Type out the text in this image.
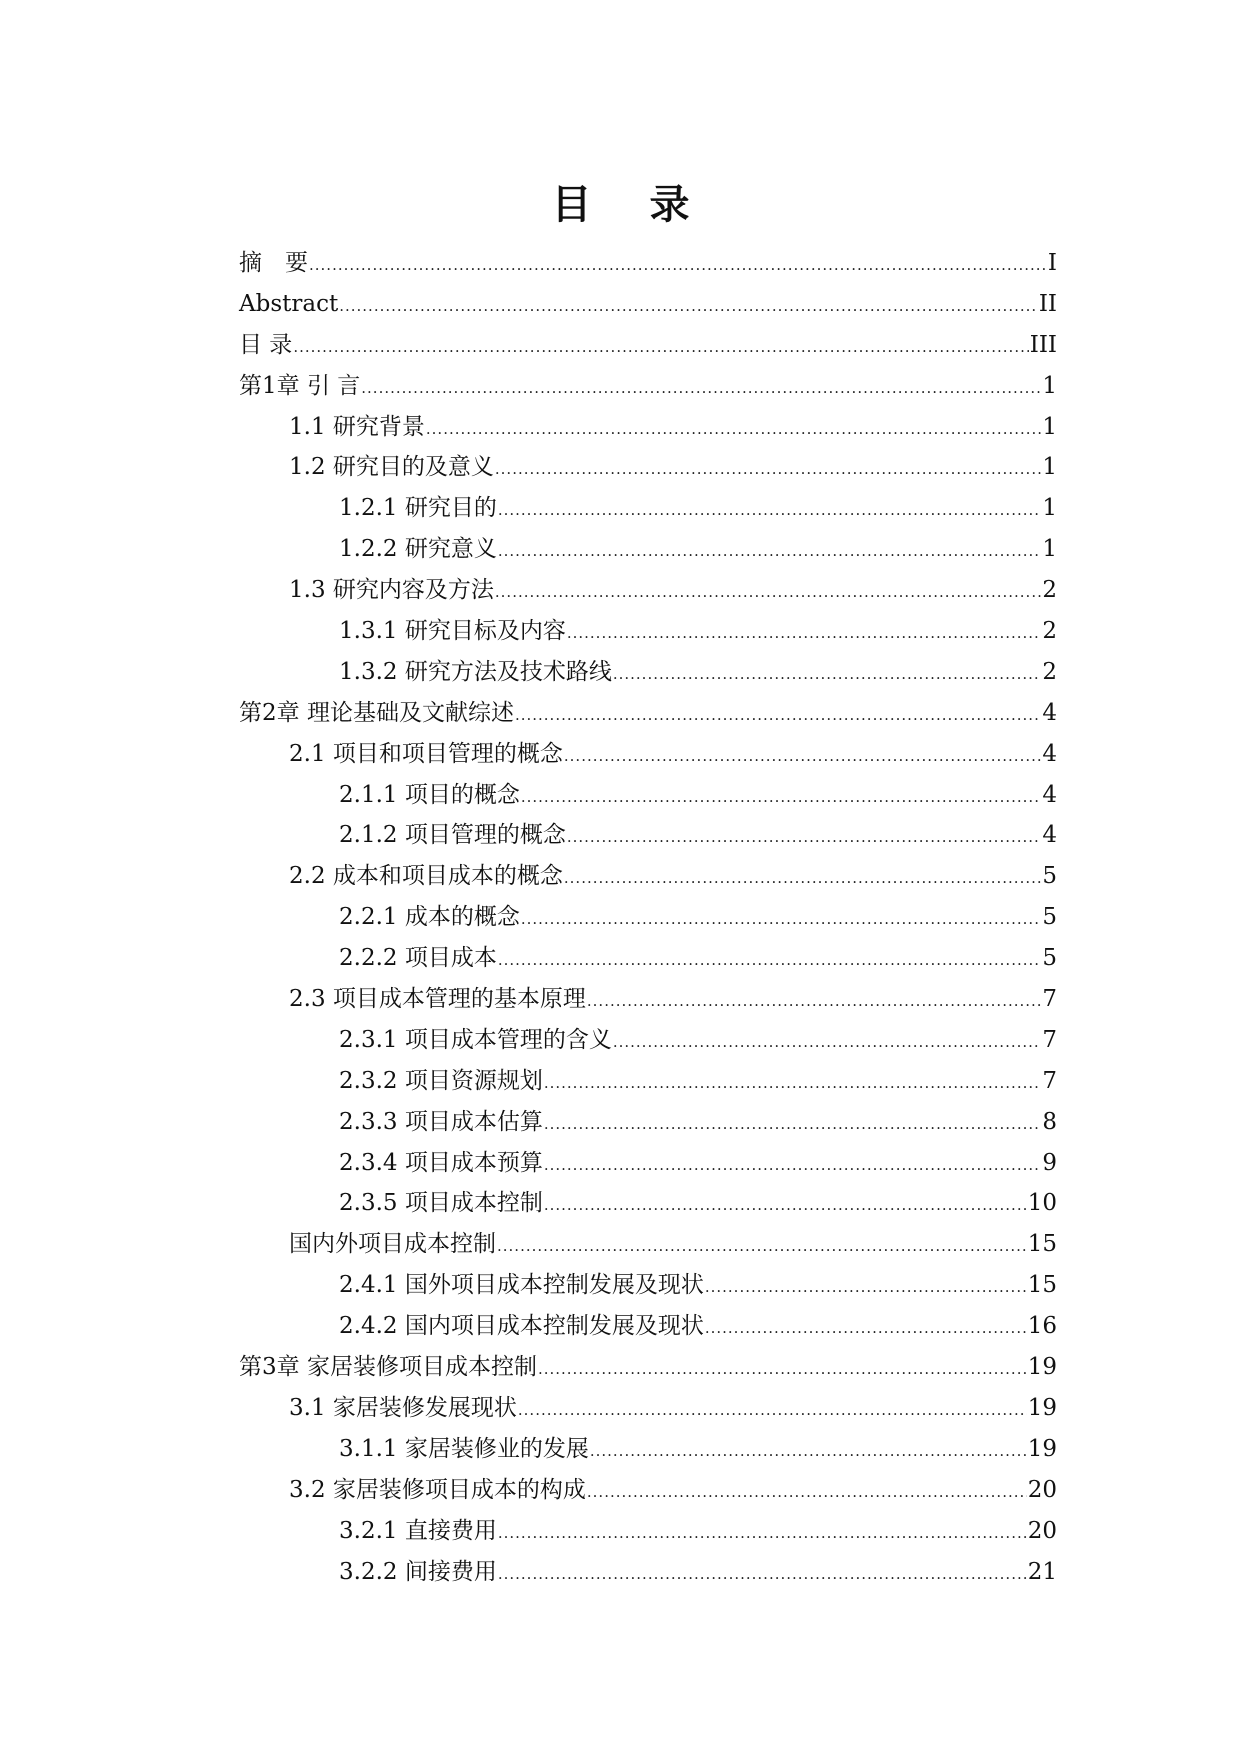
目 录
摘　要 .....	I
Abstract .....	II
目 录 .....	III
第1章 引 言 .....	1
1.1 研究背景 .....	1
1.2 研究目的及意义 .....	1
1.2.1 研究目的 .....	1
1.2.2 研究意义 .....	1
1.3 研究内容及方法 .....	2
1.3.1 研究目标及内容 .....	2
1.3.2 研究方法及技术路线 .....	2
第2章 理论基础及文献综述 .....	4
2.1 项目和项目管理的概念 .....	4
2.1.1 项目的概念 .....	4
2.1.2 项目管理的概念 .....	4
2.2 成本和项目成本的概念 .....	5
2.2.1 成本的概念 .....	5
2.2.2 项目成本 .....	5
2.3 项目成本管理的基本原理 .....	7
2.3.1 项目成本管理的含义 .....	7
2.3.2 项目资源规划 .....	7
2.3.3 项目成本估算 .....	8
2.3.4 项目成本预算 .....	9
2.3.5 项目成本控制 .....	10
国内外项目成本控制 .....	15
2.4.1 国外项目成本控制发展及现状 .....	15
2.4.2 国内项目成本控制发展及现状 .....	16
第3章 家居装修项目成本控制 .....	19
3.1 家居装修发展现状 .....	19
3.1.1 家居装修业的发展 .....	19
3.2 家居装修项目成本的构成 .....	20
3.2.1 直接费用 .....	20
3.2.2 间接费用 .....	21
